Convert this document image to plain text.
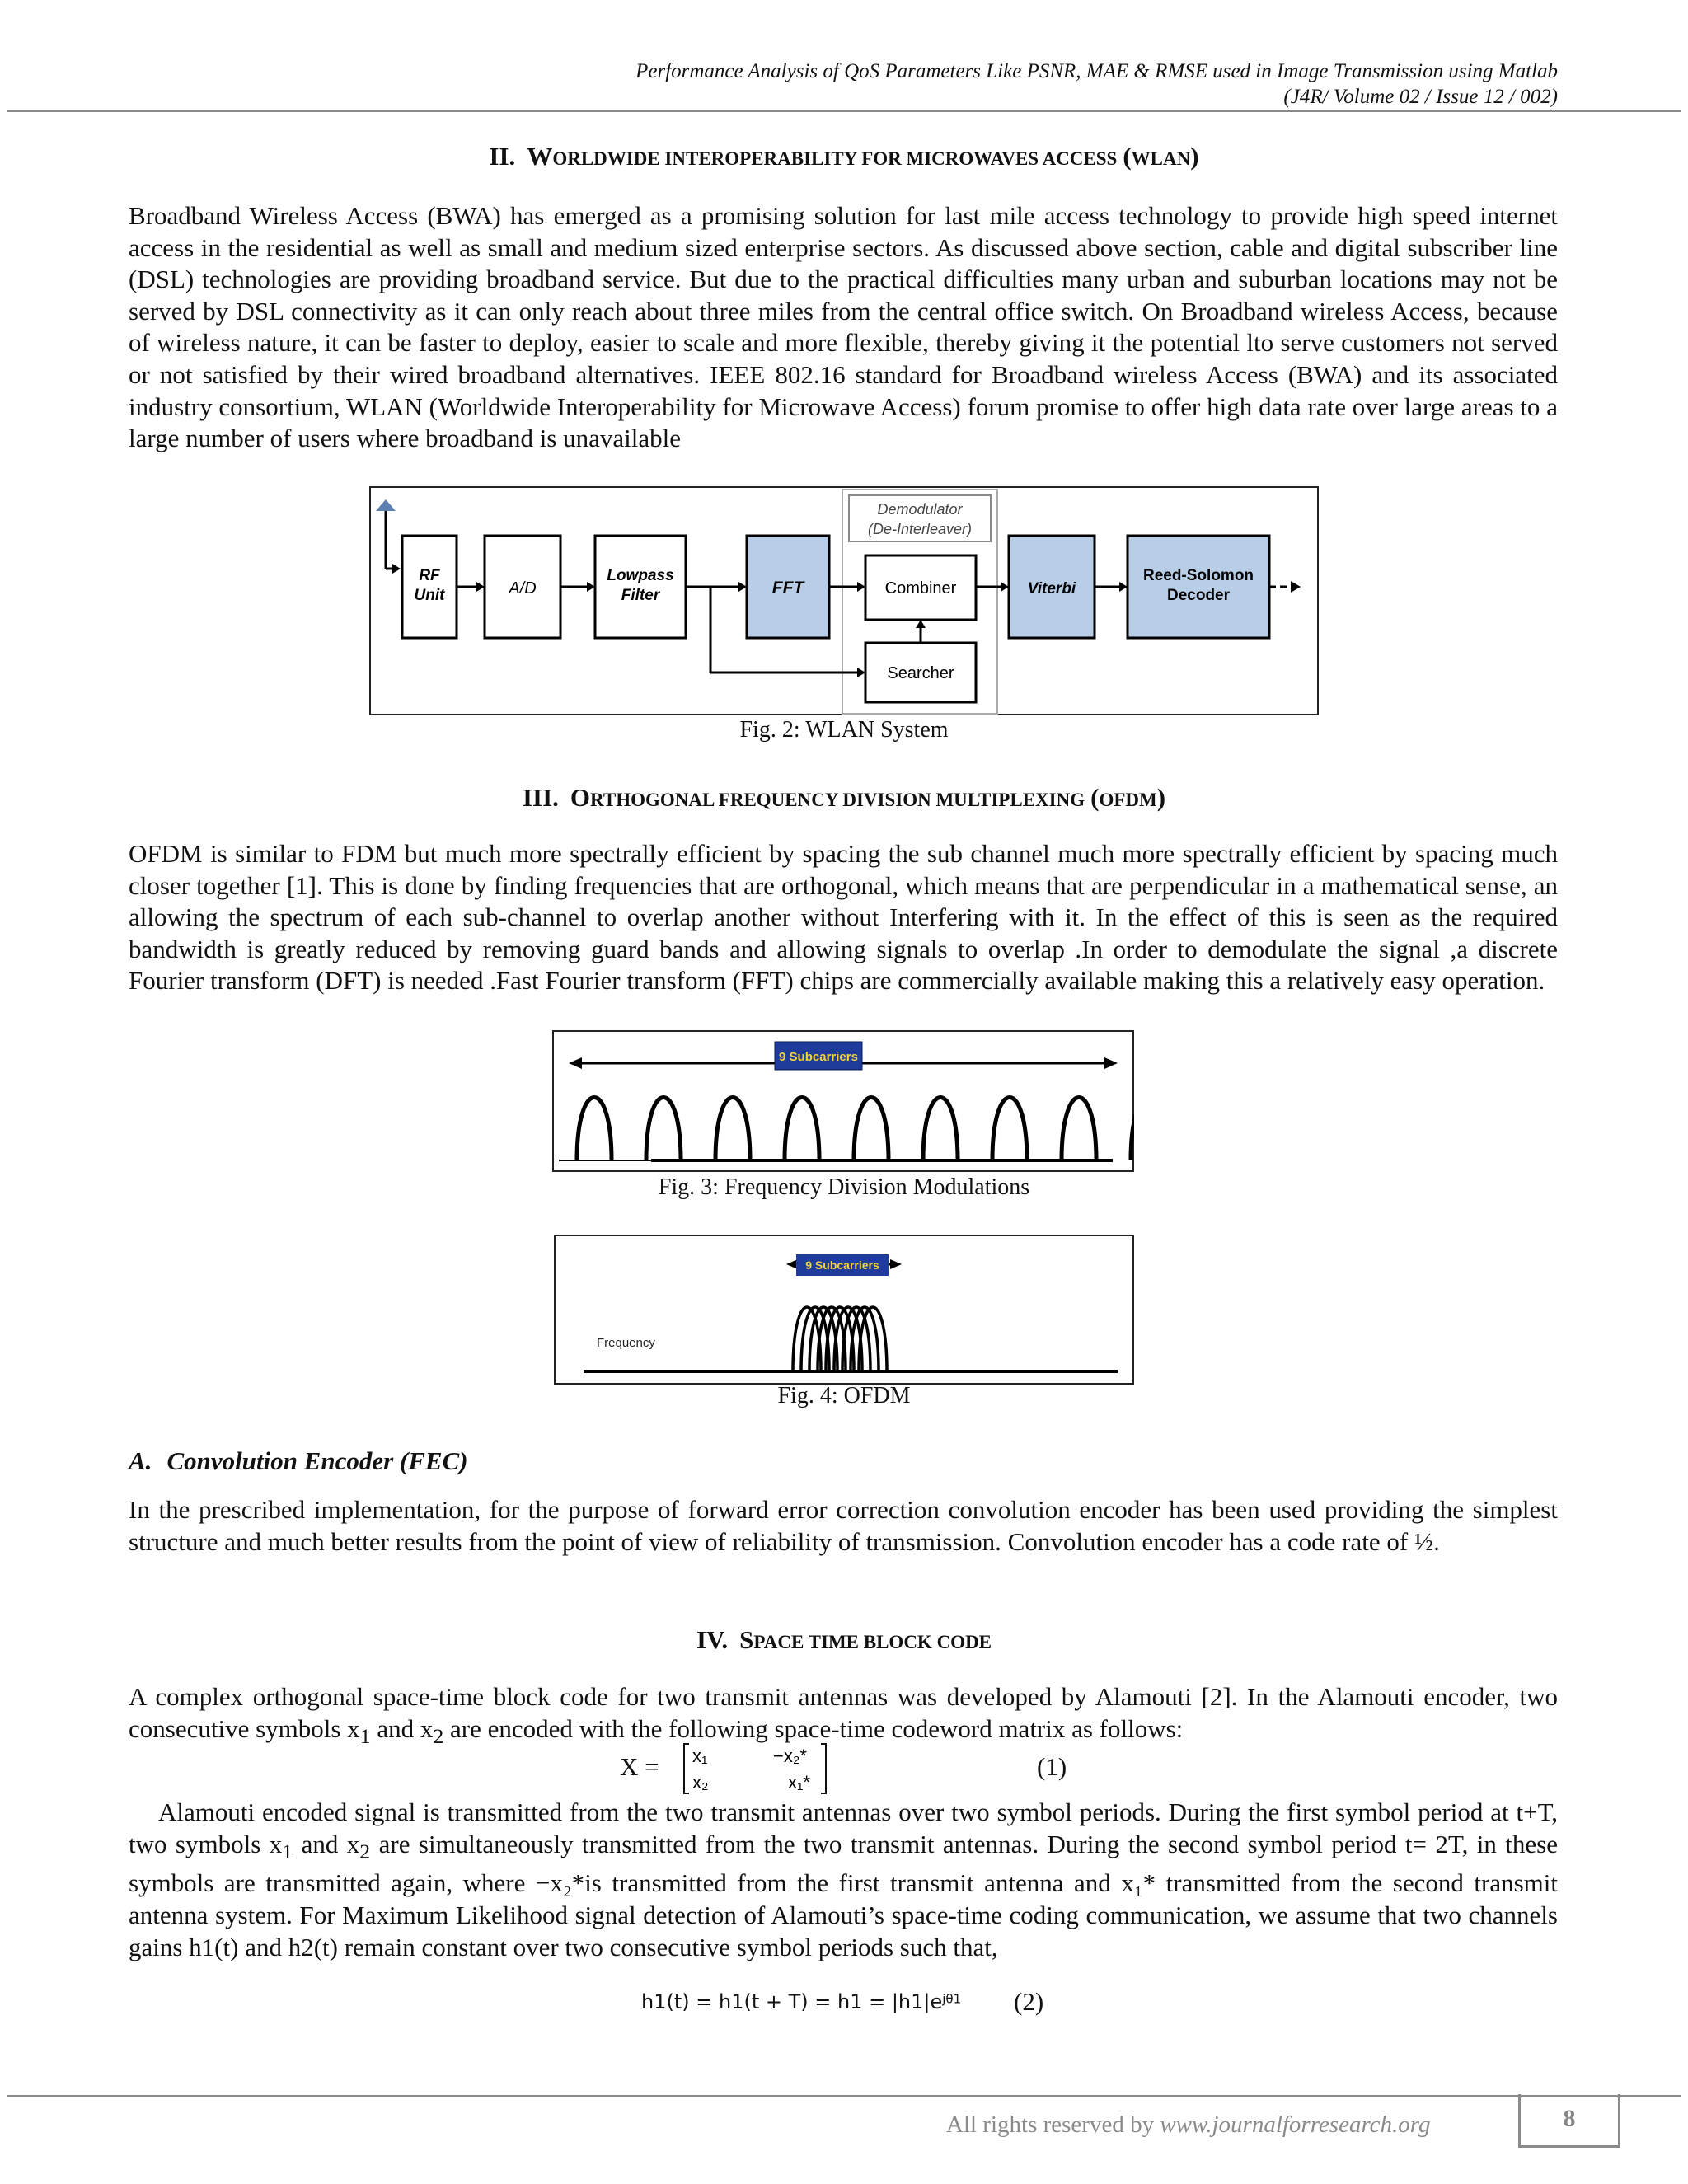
Performance Analysis of QoS Parameters Like PSNR, MAE & RMSE used in Image Transmission using Matlab
(J4R/ Volume 02 / Issue 12 / 002)
II. WORLDWIDE INTEROPERABILITY FOR MICROWAVES ACCESS (WLAN)

Broadband Wireless Access (BWA) has emerged as a promising solution for last mile access technology to provide high speed internet access in the residential as well as small and medium sized enterprise sectors. As discussed above section, cable and digital subscriber line (DSL) technologies are providing broadband service. But due to the practical difficulties many urban and suburban locations may not be served by DSL connectivity as it can only reach about three miles from the central office switch. On Broadband wireless Access, because of wireless nature, it can be faster to deploy, easier to scale and more flexible, thereby giving it the potential lto serve customers not served or not satisfied by their wired broadband alternatives. IEEE 802.16 standard for Broadband wireless Access (BWA) and its associated industry consortium, WLAN (Worldwide Interoperability for Microwave Access) forum promise to offer high data rate over large areas to a large number of users where broadband is unavailable

Demodulator
(De-Interleaver)
RF
Unit	A/D
Lowpass
Filter	FFT	Combiner
Searcher
Viterbi
Reed-Solomon
Decoder
Fig. 2: WLAN System
III. ORTHOGONAL FREQUENCY DIVISION MULTIPLEXING (OFDM)

OFDM is similar to FDM but much more spectrally efficient by spacing the sub channel much more spectrally efficient by spacing much closer together [1]. This is done by finding frequencies that are orthogonal, which means that are perpendicular in a mathematical sense, an allowing the spectrum of each sub-channel to overlap another without Interfering with it. In the effect of this is seen as the required bandwidth is greatly reduced by removing guard bands and allowing signals to overlap .In order to demodulate the signal ,a discrete Fourier transform (DFT) is needed .Fast Fourier transform (FFT) chips are commercially available making this a relatively easy operation.

9 Subcarriers
Fig. 3: Frequency Division Modulations
9 Subcarriers
Frequency
Fig. 4: OFDM
A. Convolution Encoder (FEC)

In the prescribed implementation, for the purpose of forward error correction convolution encoder has been used providing the simplest structure and much better results from the point of view of reliability of transmission. Convolution encoder has a code rate of ½.

IV. SPACE TIME BLOCK CODE

A complex orthogonal space-time block code for two transmit antennas was developed by Alamouti [2]. In the Alamouti encoder, two consecutive symbols $x_1$ and $x_2$ are encoded with the following space-time codeword matrix as follows:

X = x₁	−x₂*
x₂	x₁*
(1)

Alamouti encoded signal is transmitted from the two transmit antennas over two symbol periods. During the first symbol period at t+T, two symbols $x_1$ and $x_2$ are simultaneously transmitted from the two transmit antennas. During the second symbol period t= 2T, in these symbols are transmitted again, where −x₂*is transmitted from the first transmit antenna and x₁* transmitted from the second transmit antenna system. For Maximum Likelihood signal detection of Alamouti’s space-time coding communication, we assume that two channels gains h1(t) and h2(t) remain constant over two consecutive symbol periods such that,

$h1(t) = h1(t + T) = h1 = |h1|e^{j\theta 1}$ (2)
All rights reserved by www.journalforresearch.org	8
